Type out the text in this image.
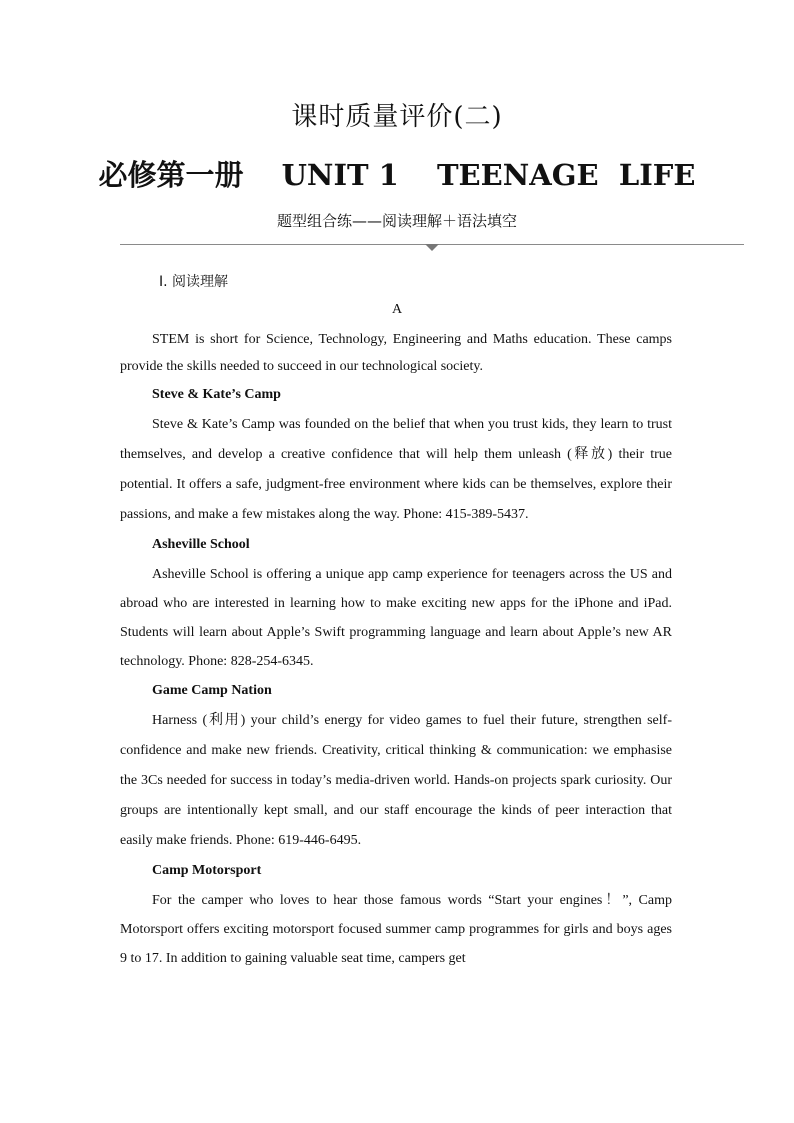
课时质量评价(二)
必修第一册 UNIT 1 TEENAGE  LIFE
题型组合练——阅读理解＋语法填空
Ⅰ. 阅读理解
A

STEM is short for Science, Technology, Engineering and Maths education. These camps provide the skills needed to succeed in our technological society.

Steve & Kate’s Camp

Steve & Kate’s Camp was founded on the belief that when you trust kids, they learn to trust themselves, and develop a creative confidence that will help them unleash (释放) their true potential. It offers a safe, judgment-free environment where kids can be themselves, explore their passions, and make a few mistakes along the way. Phone: 415-389-5437.

Asheville School

Asheville School is offering a unique app camp experience for teenagers across the US and abroad who are interested in learning how to make exciting new apps for the iPhone and iPad. Students will learn about Apple’s Swift programming language and learn about Apple’s new AR technology. Phone: 828-254-6345.

Game Camp Nation

Harness (利用) your child’s energy for video games to fuel their future, strengthen self-confidence and make new friends. Creativity, critical thinking & communication: we emphasise the 3Cs needed for success in today’s media-driven world. Hands-on projects spark curiosity. Our groups are intentionally kept small, and our staff encourage the kinds of peer interaction that easily make friends. Phone: 619-446-6495.

Camp Motorsport

For the camper who loves to hear those famous words “Start your engines！”, Camp Motorsport offers exciting motorsport focused summer camp programmes for girls and boys ages 9 to 17. In addition to gaining valuable seat time, campers get
